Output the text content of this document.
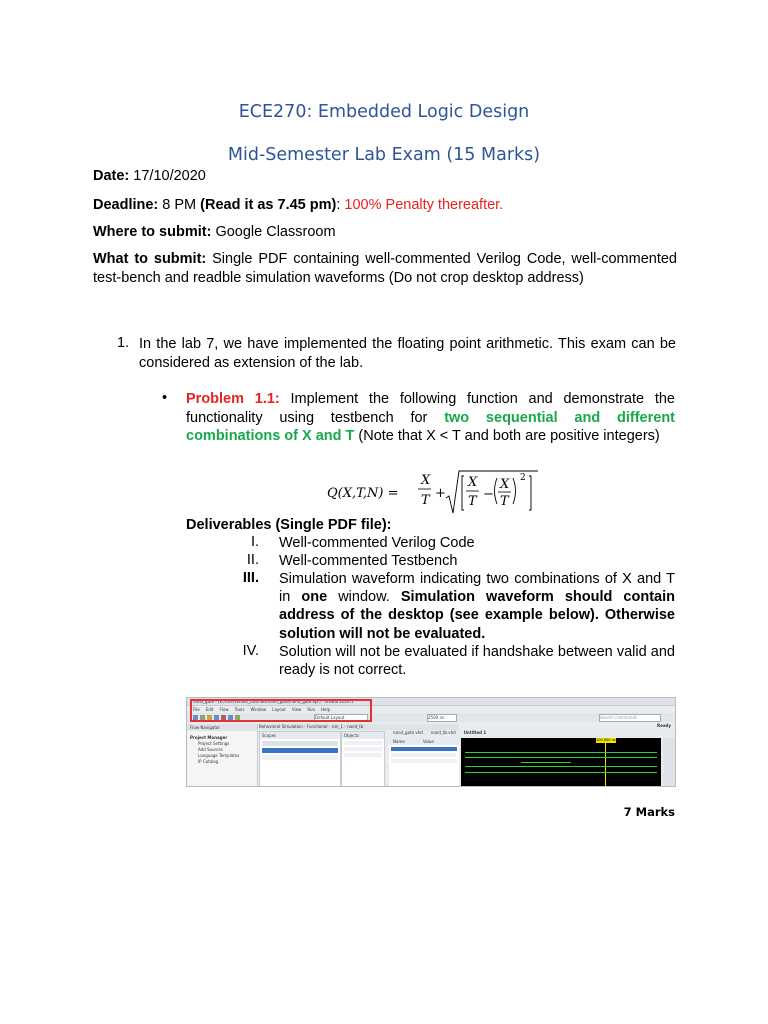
ECE270: Embedded Logic Design
Mid-Semester Lab Exam (15 Marks)
Date: 17/10/2020
Deadline: 8 PM (Read it as 7.45 pm): 100% Penalty thereafter.
Where to submit: Google Classroom
What to submit: Single PDF containing well-commented Verilog Code, well-commented test-bench and readble simulation waveforms (Do not crop desktop address)
1. In the lab 7, we have implemented the floating point arithmetic. This exam can be considered as extension of the lab.
• Problem 1.1: Implement the following function and demonstrate the functionality using testbench for two sequential and different combinations of X and T (Note that X < T and both are positive integers)
Q(X,T,N) =
X
T +
X
T −
X
T
2
Deliverables (Single PDF file):
I. Well-commented Verilog Code
II. Well-commented Testbench
III. Simulation waveform indicating two combinations of X and T in one window. Simulation waveform should contain address of the desktop (see example below). Otherwise solution will not be evaluated.
IV. Solution will not be evaluated if handshake between valid and ready is not correct.
nand_gate - [E:/XUP/Vivado_tutorials/nand_gate/nand_gate.xpr] - Vivado 2016.1
File Edit Flow Tools Window Layout View Run Help
Default Layout	2500 ns	Search commands
Ready
Flow Navigator
Project Manager
Project Settings
Add Sources
Language Templates
IP Catalog
Behavioral Simulation - Functional - sim_1 - nand_tb
Scopes	Objects
nand_gate.vhd nand_tb.vhd Untitled 1
Name	Value	100.000 ns
7 Marks
